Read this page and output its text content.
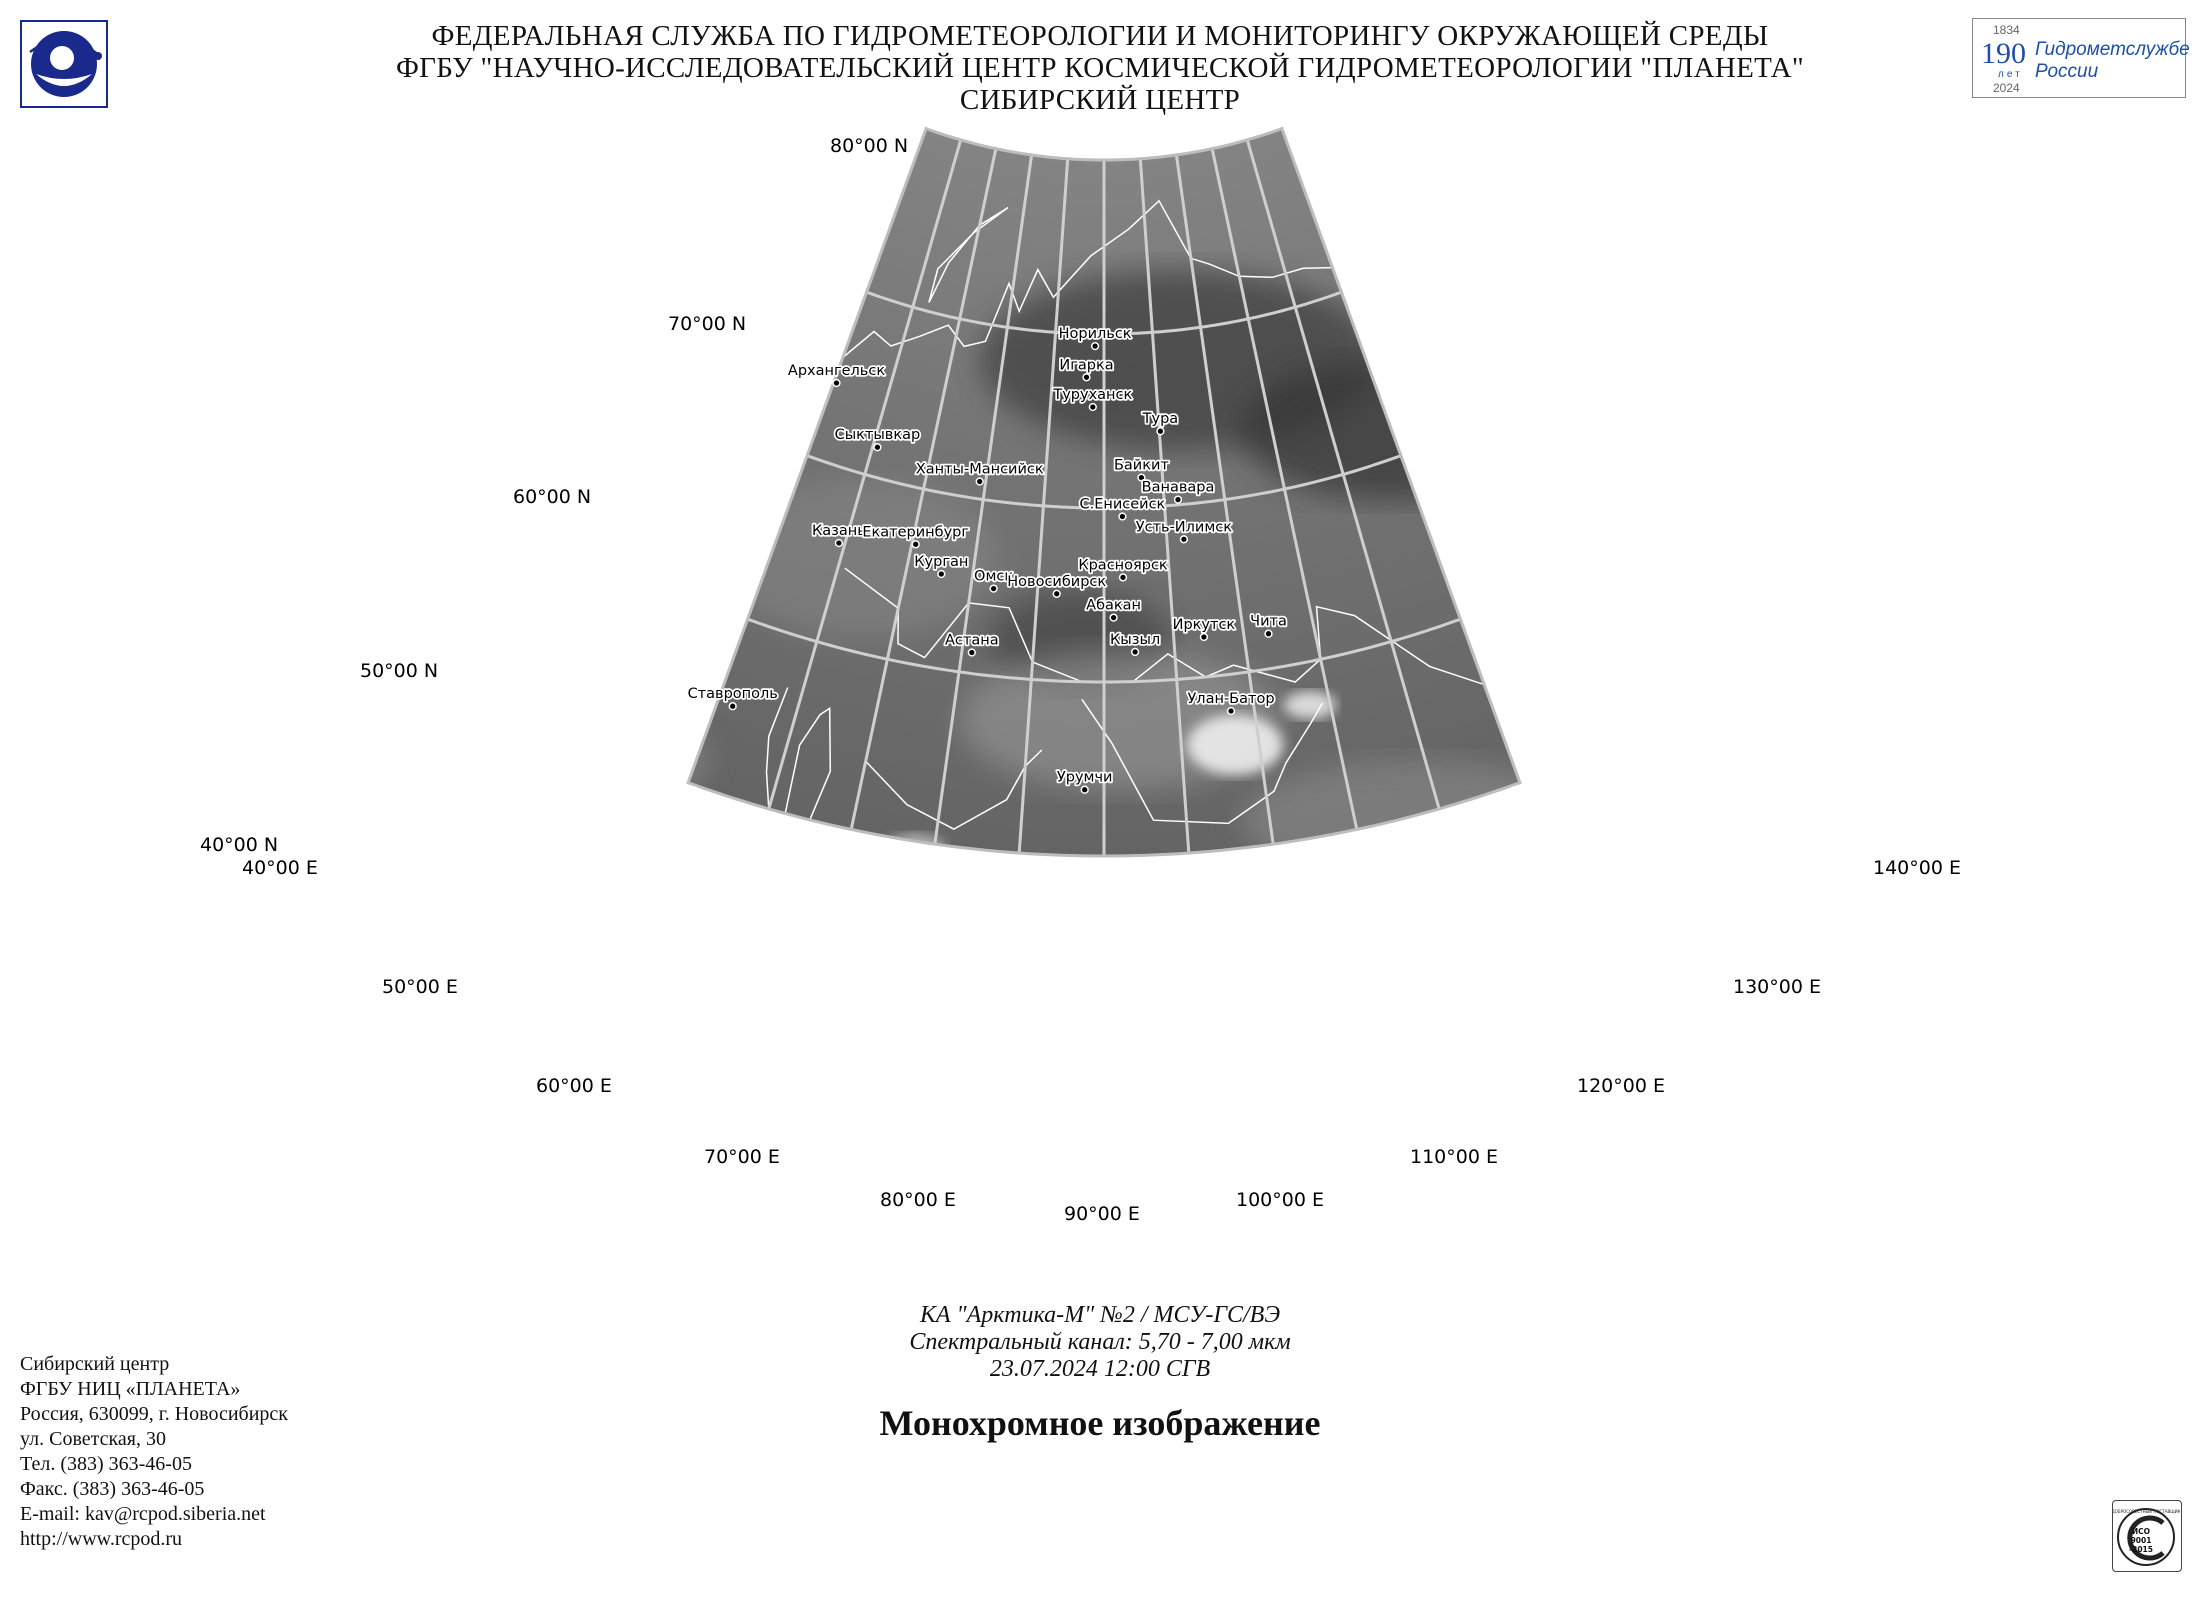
ФЕДЕРАЛЬНАЯ СЛУЖБА ПО ГИДРОМЕТЕОРОЛОГИИ И МОНИТОРИНГУ ОКРУЖАЮЩЕЙ СРЕДЫ
ФГБУ "НАУЧНО-ИССЛЕДОВАТЕЛЬСКИЙ ЦЕНТР КОСМИЧЕСКОЙ ГИДРОМЕТЕОРОЛОГИИ "ПЛАНЕТА"
СИБИРСКИЙ ЦЕНТР
1834
190
лет
2024
Гидрометслужбе
России
Архангельск
Сыктывкар
Казань
Ставрополь
Екатеринбург
Ханты-Мансийск
Курган
Омск
Астана
Новосибирск
Норильск
Игарка
Туруханск
Тура
Байкит
Ванавара
С.Енисейск
Усть-Илимск
Красноярск
Абакан
Кызыл
Иркутск Чита
Улан-Батор
Урумчи
80°00 N
70°00 N
60°00 N
50°00 N
40°00 N
40°00 E
50°00 E
60°00 E
70°00 E
80°00 E
90°00 E
100°00 E
110°00 E
120°00 E
130°00 E
140°00 E
КА "Арктика-М" №2 / МСУ-ГС/ВЭ
Спектральный канал: 5,70 - 7,00 мкм
23.07.2024 12:00 СГВ
Монохромное изображение
Сибирский центр
ФГБУ НИЦ «ПЛАНЕТА»
Россия, 630099, г. Новосибирск
ул. Советская, 30
Тел. (383) 363-46-05
Факс. (383) 363-46-05
E-mail: kav@rcpod.siberia.net
http://www.rcpod.ru
ДОБРОСОВЕСТНЫЙ ПОСТАВЩИК
ИСО
9001
-2015
